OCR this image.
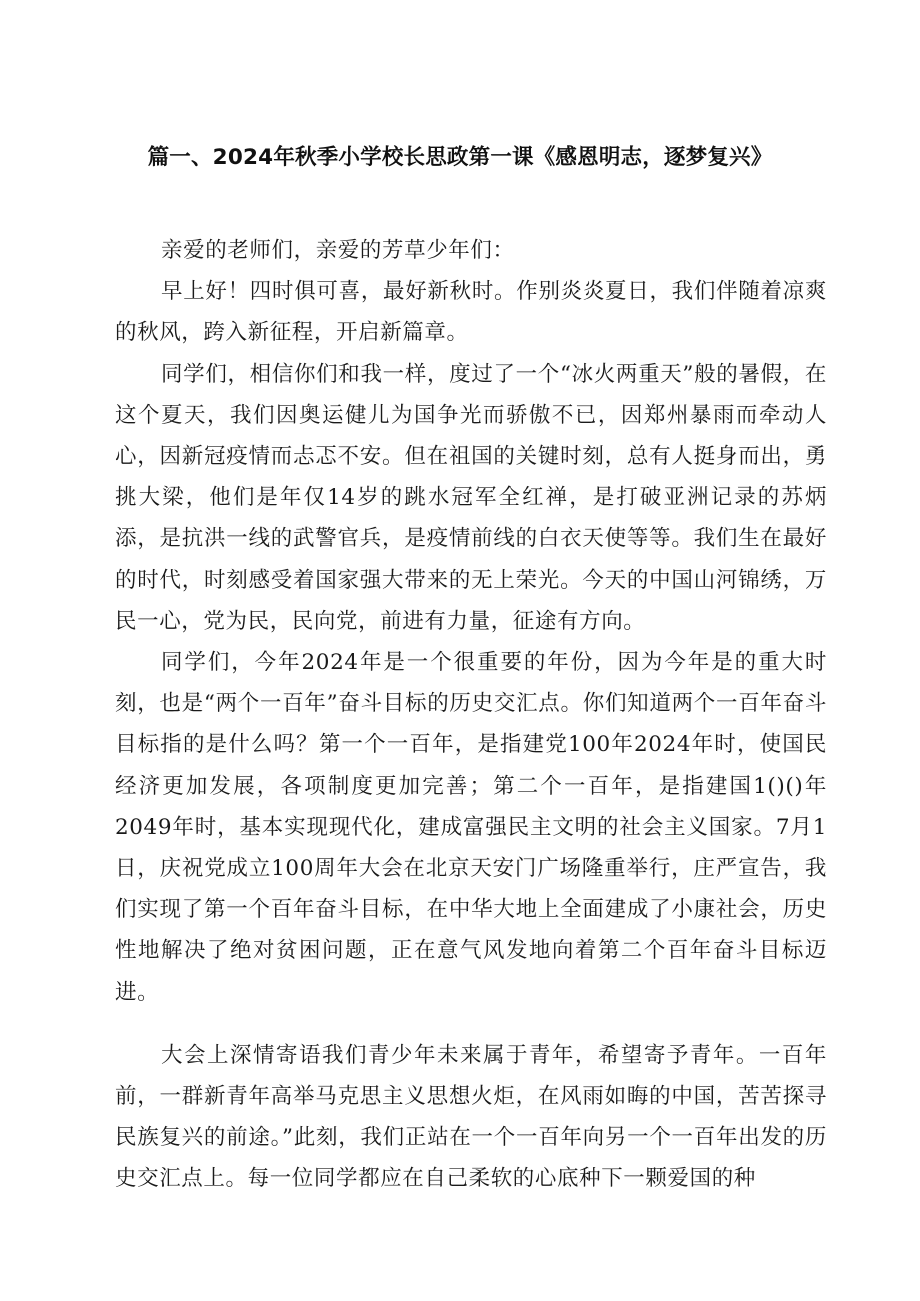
篇一、2024年秋季小学校长思政第一课《感恩明志，逐梦复兴》

亲爱的老师们，亲爱的芳草少年们：

早上好！四时俱可喜，最好新秋时。作别炎炎夏日，我们伴随着凉爽的秋风，跨入新征程，开启新篇章。

同学们，相信你们和我一样，度过了一个“冰火两重天”般的暑假，在这个夏天，我们因奥运健儿为国争光而骄傲不已，因郑州暴雨而牵动人心，因新冠疫情而忐忑不安。但在祖国的关键时刻，总有人挺身而出，勇挑大梁，他们是年仅14岁的跳水冠军全红禅，是打破亚洲记录的苏炳添，是抗洪一线的武警官兵，是疫情前线的白衣天使等等。我们生在最好的时代，时刻感受着国家强大带来的无上荣光。今天的中国山河锦绣，万民一心，党为民，民向党，前进有力量，征途有方向。

同学们，今年2024年是一个很重要的年份，因为今年是的重大时刻，也是“两个一百年”奋斗目标的历史交汇点。你们知道两个一百年奋斗目标指的是什么吗？第一个一百年，是指建党100年2024年时，使国民经济更加发展，各项制度更加完善；第二个一百年，是指建国1()()年2049年时，基本实现现代化，建成富强民主文明的社会主义国家。7月1日，庆祝党成立100周年大会在北京天安门广场隆重举行，庄严宣告，我们实现了第一个百年奋斗目标，在中华大地上全面建成了小康社会，历史性地解决了绝对贫困问题，正在意气风发地向着第二个百年奋斗目标迈进。

大会上深情寄语我们青少年未来属于青年，希望寄予青年。一百年前，一群新青年高举马克思主义思想火炬，在风雨如晦的中国，苦苦探寻民族复兴的前途。”此刻，我们正站在一个一百年向另一个一百年出发的历史交汇点上。每一位同学都应在自己柔软的心底种下一颗爱国的种
